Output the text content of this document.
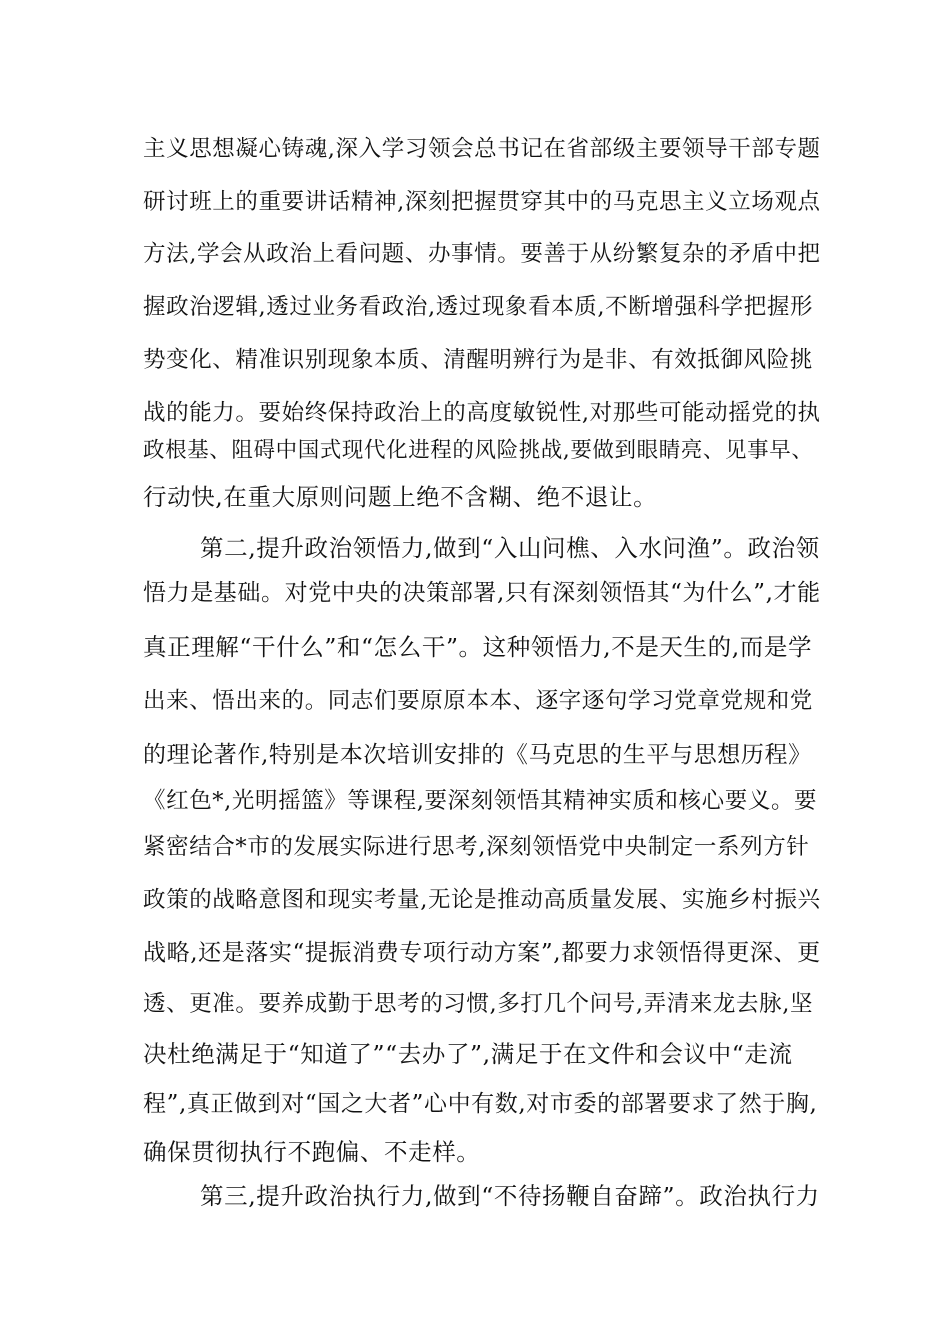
主义思想凝心铸魂,深入学习领会总书记在省部级主要领导干部专题
研讨班上的重要讲话精神,深刻把握贯穿其中的马克思主义立场观点
方法,学会从政治上看问题、办事情。要善于从纷繁复杂的矛盾中把
握政治逻辑,透过业务看政治,透过现象看本质,不断增强科学把握形
势变化、精准识别现象本质、清醒明辨行为是非、有效抵御风险挑
战的能力。要始终保持政治上的高度敏锐性,对那些可能动摇党的执
政根基、阻碍中国式现代化进程的风险挑战,要做到眼睛亮、见事早、
行动快,在重大原则问题上绝不含糊、绝不退让。
第二,提升政治领悟力,做到“入山问樵、入水问渔”。政治领
悟力是基础。对党中央的决策部署,只有深刻领悟其“为什么”,才能
真正理解“干什么”和“怎么干”。这种领悟力,不是天生的,而是学
出来、悟出来的。同志们要原原本本、逐字逐句学习党章党规和党
的理论著作,特别是本次培训安排的《马克思的生平与思想历程》
《红色*,光明摇篮》等课程,要深刻领悟其精神实质和核心要义。要
紧密结合*市的发展实际进行思考,深刻领悟党中央制定一系列方针
政策的战略意图和现实考量,无论是推动高质量发展、实施乡村振兴
战略,还是落实“提振消费专项行动方案”,都要力求领悟得更深、更
透、更准。要养成勤于思考的习惯,多打几个问号,弄清来龙去脉,坚
决杜绝满足于“知道了”“去办了”,满足于在文件和会议中“走流
程”,真正做到对“国之大者”心中有数,对市委的部署要求了然于胸,
确保贯彻执行不跑偏、不走样。
第三,提升政治执行力,做到“不待扬鞭自奋蹄”。政治执行力
